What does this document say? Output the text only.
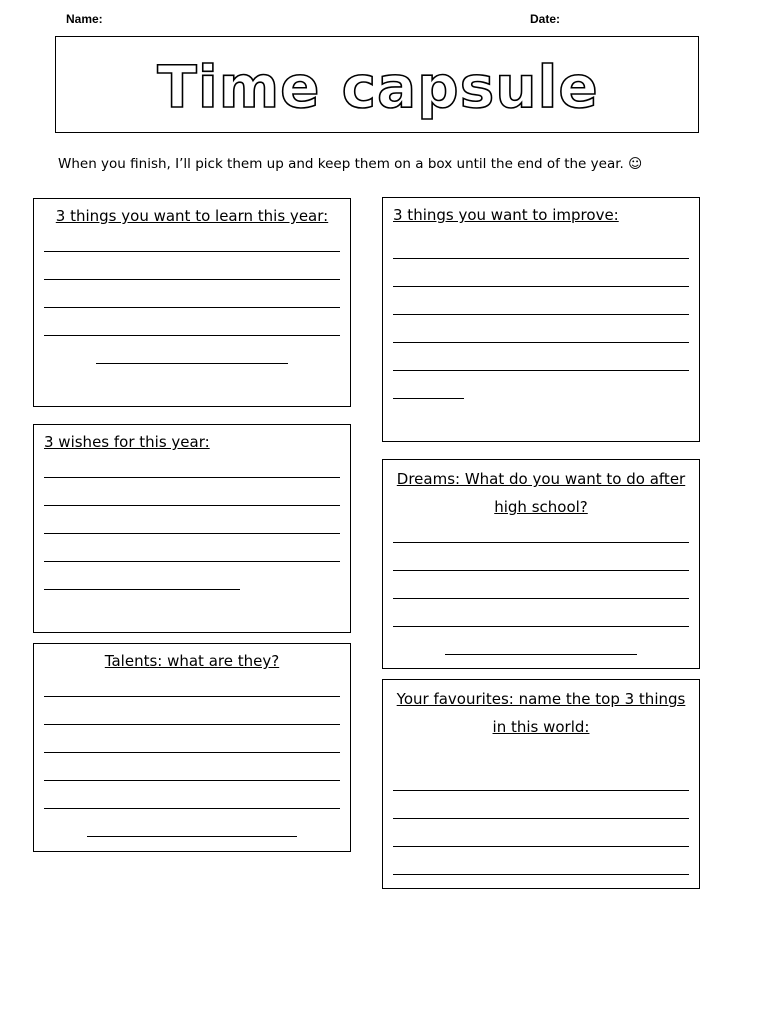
Name:	Date:
Time capsule
When you finish, I’ll pick them up and keep them on a box until the end of the year. ☺
3 things you want to learn this year:
3 wishes for this year:
Talents: what are they?
3 things you want to improve:
Dreams: What do you want to do after high school?
Your favourites: name the top 3 things in this world:
